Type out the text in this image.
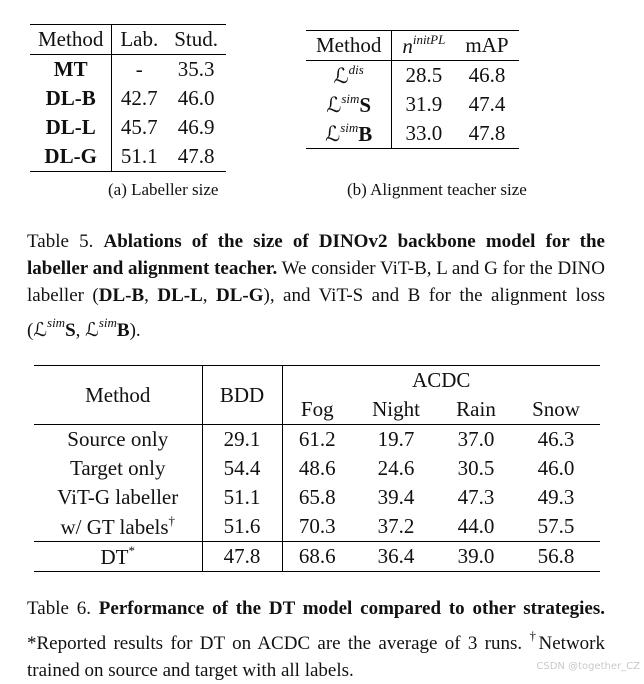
Method	Lab.	Stud.
MT	-	35.3
DL-B	42.7	46.0
DL-L	45.7	46.9
DL-G	51.1	47.8
Method	$n^{initPL}$	mAP
ℒ$^{dis}$	28.5	46.8
ℒ$^{sim}$S	31.9	47.4
ℒ$^{sim}$B	33.0	47.8
(a) Labeller size	(b) Alignment teacher size
Table 5. Ablations of the size of DINOv2 backbone model for the labeller and alignment teacher. We consider ViT-B, L and G for the DINO labeller (DL-B, DL-L, DL-G), and ViT-S and B for the alignment loss (ℒ$^{sim}$S, ℒ$^{sim}$B).
Method	BDD	ACDC			
		Fog	Night	Rain	Snow
Source only	29.1	61.2	19.7	37.0	46.3
Target only	54.4	48.6	24.6	30.5	46.0
ViT-G labeller	51.1	65.8	39.4	47.3	49.3
w/ GT labels†	51.6	70.3	37.2	44.0	57.5
DT*	47.8	68.6	36.4	39.0	56.8
Table 6. Performance of the DT model compared to other strategies. *Reported results for DT on ACDC are the average of 3 runs. †Network trained on source and target with all labels.	CSDN @together_CZ
